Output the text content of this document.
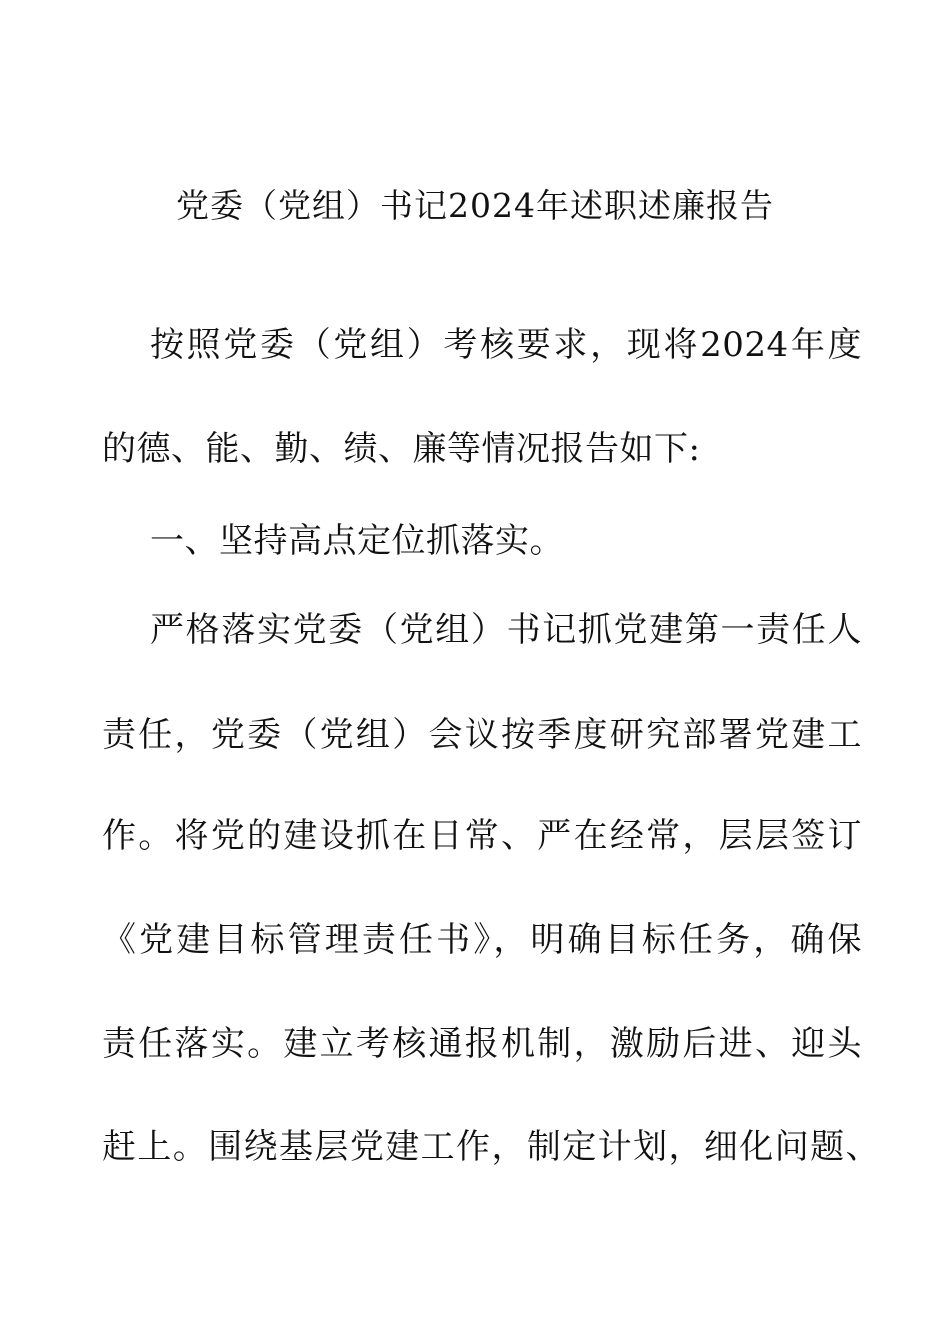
党委（党组）书记2024年述职述廉报告
按照党委（党组）考核要求，现将2024年度
的德、能、勤、绩、廉等情况报告如下:
一、坚持高点定位抓落实。
严格落实党委（党组）书记抓党建第一责任人
责任，党委（党组）会议按季度研究部署党建工
作。将党的建设抓在日常、严在经常，层层签订
《党建目标管理责任书》，明确目标任务，确保
责任落实。建立考核通报机制，激励后进、迎头
赶上。围绕基层党建工作，制定计划，细化问题、
